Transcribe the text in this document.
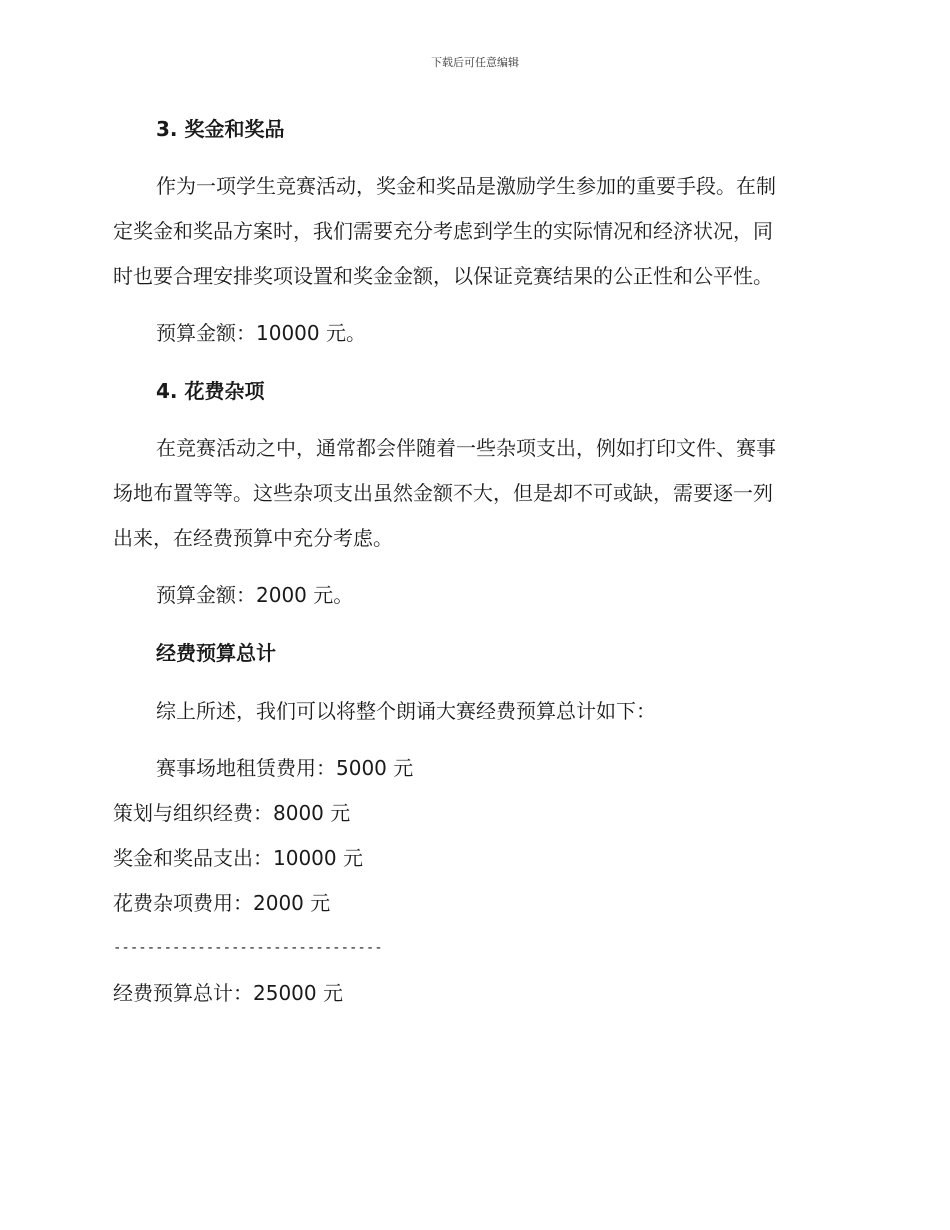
下载后可任意编辑
3. 奖金和奖品
作为一项学生竞赛活动，奖金和奖品是激励学生参加的重要手段。在制
定奖金和奖品方案时，我们需要充分考虑到学生的实际情况和经济状况，同
时也要合理安排奖项设置和奖金金额，以保证竞赛结果的公正性和公平性。
预算金额：10000 元。
4. 花费杂项
在竞赛活动之中，通常都会伴随着一些杂项支出，例如打印文件、赛事
场地布置等等。这些杂项支出虽然金额不大，但是却不可或缺，需要逐一列
出来，在经费预算中充分考虑。
预算金额：2000 元。
经费预算总计
综上所述，我们可以将整个朗诵大赛经费预算总计如下：
赛事场地租赁费用：5000 元
策划与组织经费：8000 元
奖金和奖品支出：10000 元
花费杂项费用：2000 元
--------------------------------
经费预算总计：25000 元
